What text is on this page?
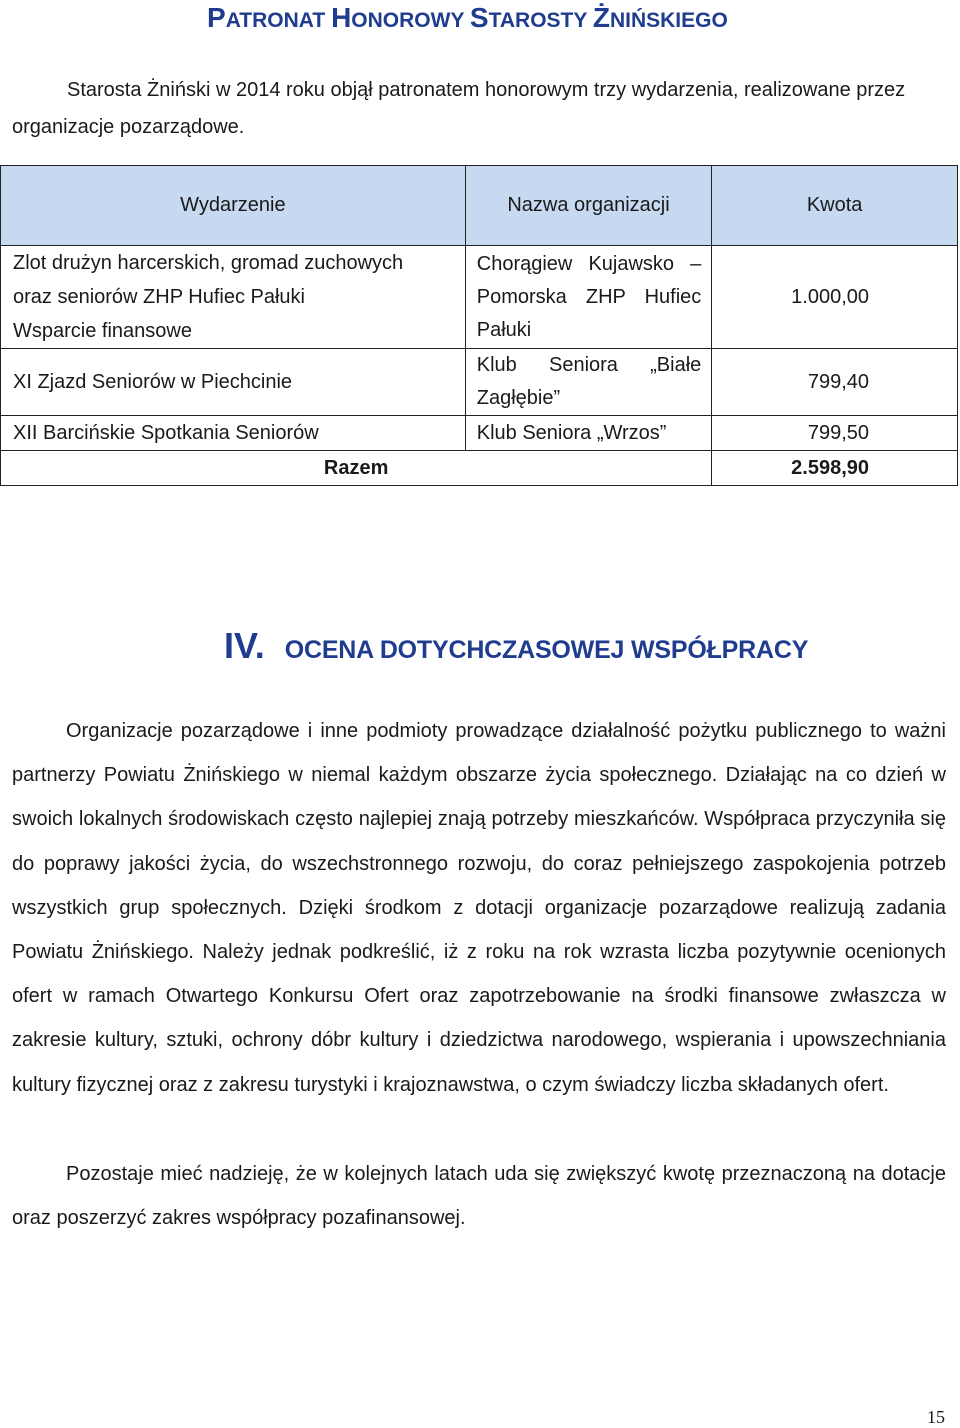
PATRONAT HONOROWY STAROSTY ŻNIŃSKIEGO

Starosta Żniński w 2014 roku objął patronatem honorowym trzy wydarzenia, realizowane przez organizacje pozarządowe.

Wydarzenie	Nazwa organizacji	Kwota

Zlot drużyn harcerskich, gromad zuchowych
oraz seniorów ZHP Hufiec Pałuki
Wsparcie finansowe	Chorągiew Kujawsko – Pomorska ZHP Hufiec Pałuki	1.000,00
XI Zjazd Seniorów w Piechcinie	Klub Seniora „Białe Zagłębie”	799,40
XII Barcińskie Spotkania Seniorów	Klub Seniora „Wrzos”	799,50
Razem		2.598,90
IV. OCENA DOTYCHCZASOWEJ WSPÓŁPRACY

Organizacje pozarządowe i inne podmioty prowadzące działalność pożytku publicznego to ważni partnerzy Powiatu Żnińskiego w niemal każdym obszarze życia społecznego. Działając na co dzień w swoich lokalnych środowiskach często najlepiej znają potrzeby mieszkańców. Współpraca przyczyniła się do poprawy jakości życia, do wszechstronnego rozwoju, do coraz pełniejszego zaspokojenia potrzeb wszystkich grup społecznych. Dzięki środkom z dotacji organizacje pozarządowe realizują zadania Powiatu Żnińskiego. Należy jednak podkreślić, iż z roku na rok wzrasta liczba pozytywnie ocenionych ofert w ramach Otwartego Konkursu Ofert oraz zapotrzebowanie na środki finansowe zwłaszcza w zakresie kultury, sztuki, ochrony dóbr kultury i dziedzictwa narodowego, wspierania i upowszechniania kultury fizycznej oraz z zakresu turystyki i krajoznawstwa, o czym świadczy liczba składanych ofert.

Pozostaje mieć nadzieję, że w kolejnych latach uda się zwiększyć kwotę przeznaczoną na dotacje oraz poszerzyć zakres współpracy pozafinansowej.

15
